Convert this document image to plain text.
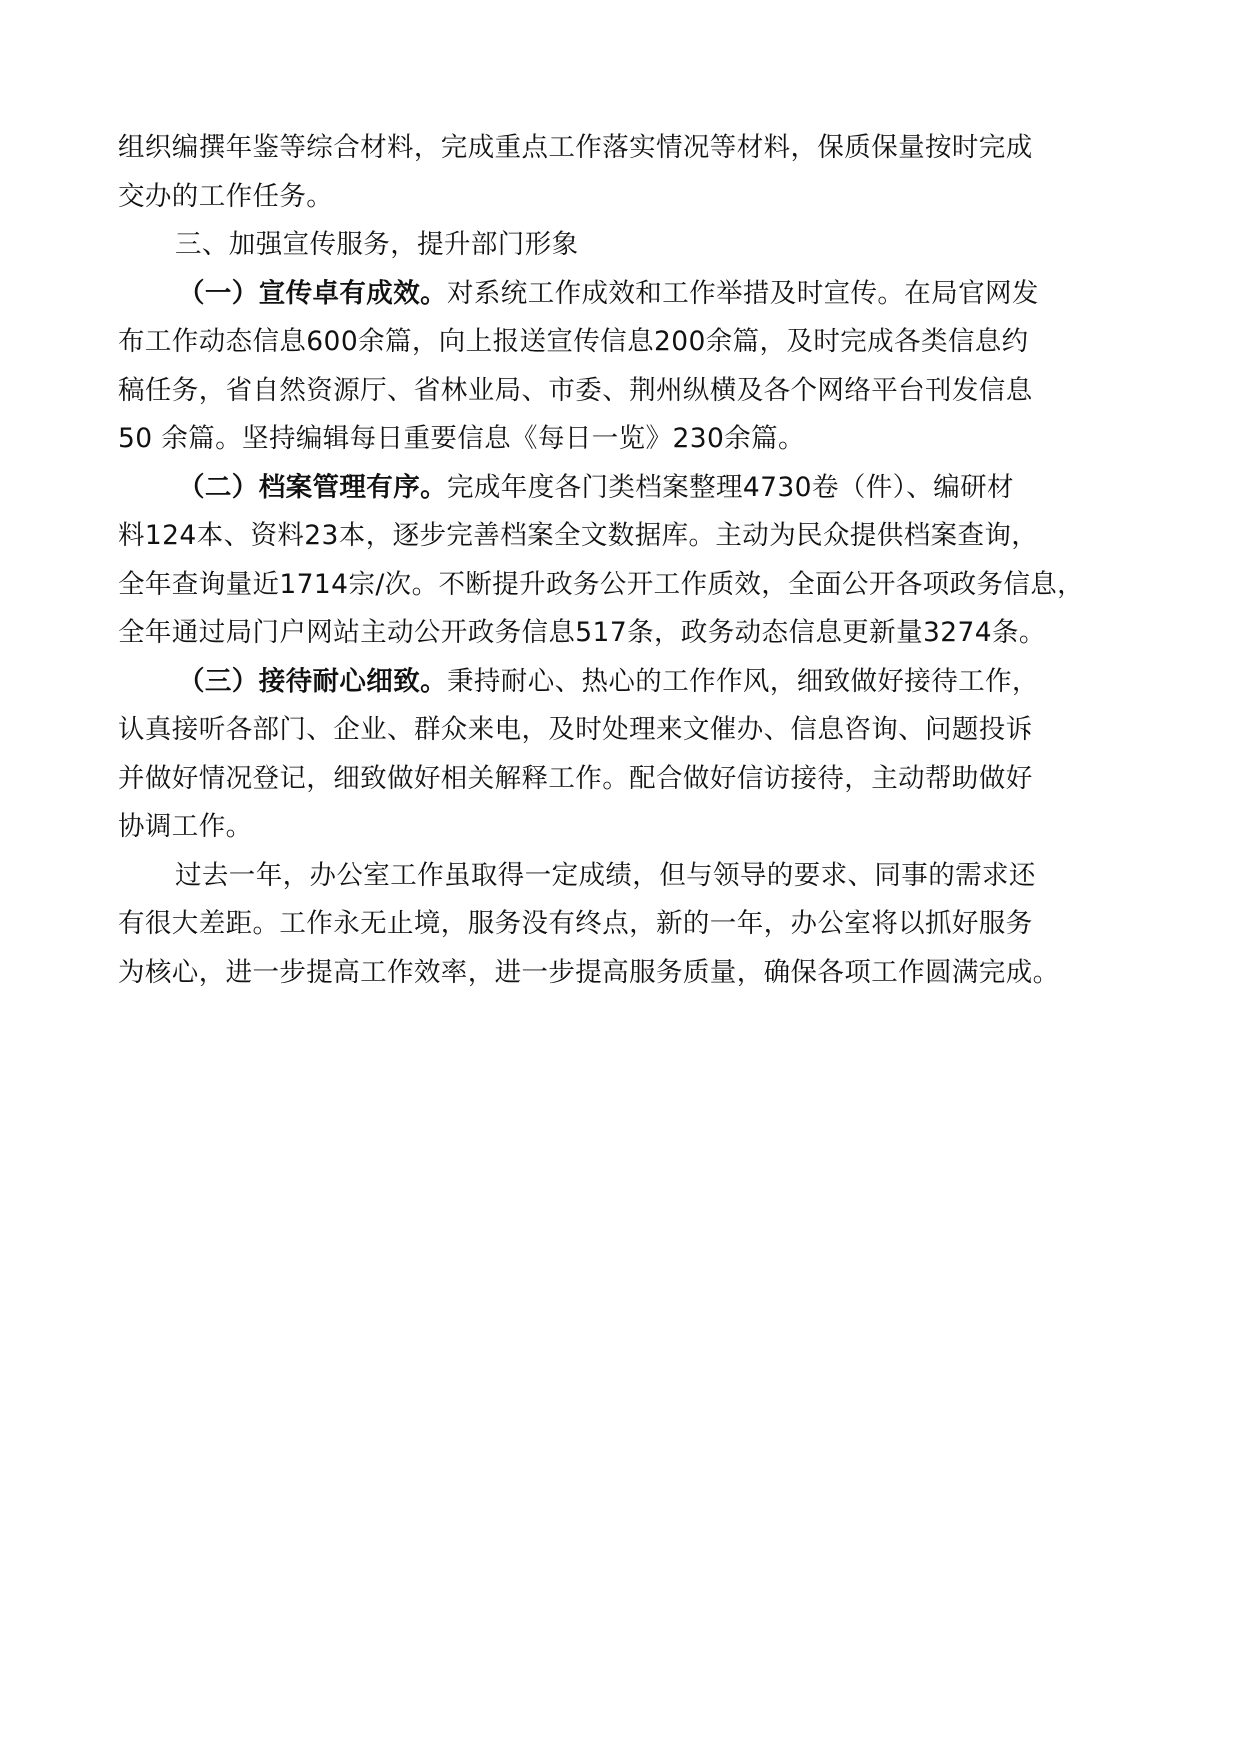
组织编撰年鉴等综合材料，完成重点工作落实情况等材料，保质保量按时完成
交办的工作任务。

三、加强宣传服务，提升部门形象

（一）宣传卓有成效。对系统工作成效和工作举措及时宣传。在局官网发
布工作动态信息600余篇，向上报送宣传信息200余篇，及时完成各类信息约
稿任务，省自然资源厅、省林业局、市委、荆州纵横及各个网络平台刊发信息
50 余篇。坚持编辑每日重要信息《每日一览》230余篇。

（二）档案管理有序。完成年度各门类档案整理4730卷（件）、编研材
料124本、资料23本，逐步完善档案全文数据库。主动为民众提供档案查询，
全年查询量近1714宗/次。不断提升政务公开工作质效，全面公开各项政务信息，
全年通过局门户网站主动公开政务信息517条，政务动态信息更新量3274条。

（三）接待耐心细致。秉持耐心、热心的工作作风，细致做好接待工作，
认真接听各部门、企业、群众来电，及时处理来文催办、信息咨询、问题投诉
并做好情况登记，细致做好相关解释工作。配合做好信访接待，主动帮助做好
协调工作。

过去一年，办公室工作虽取得一定成绩，但与领导的要求、同事的需求还
有很大差距。工作永无止境，服务没有终点，新的一年，办公室将以抓好服务
为核心，进一步提高工作效率，进一步提高服务质量，确保各项工作圆满完成。
